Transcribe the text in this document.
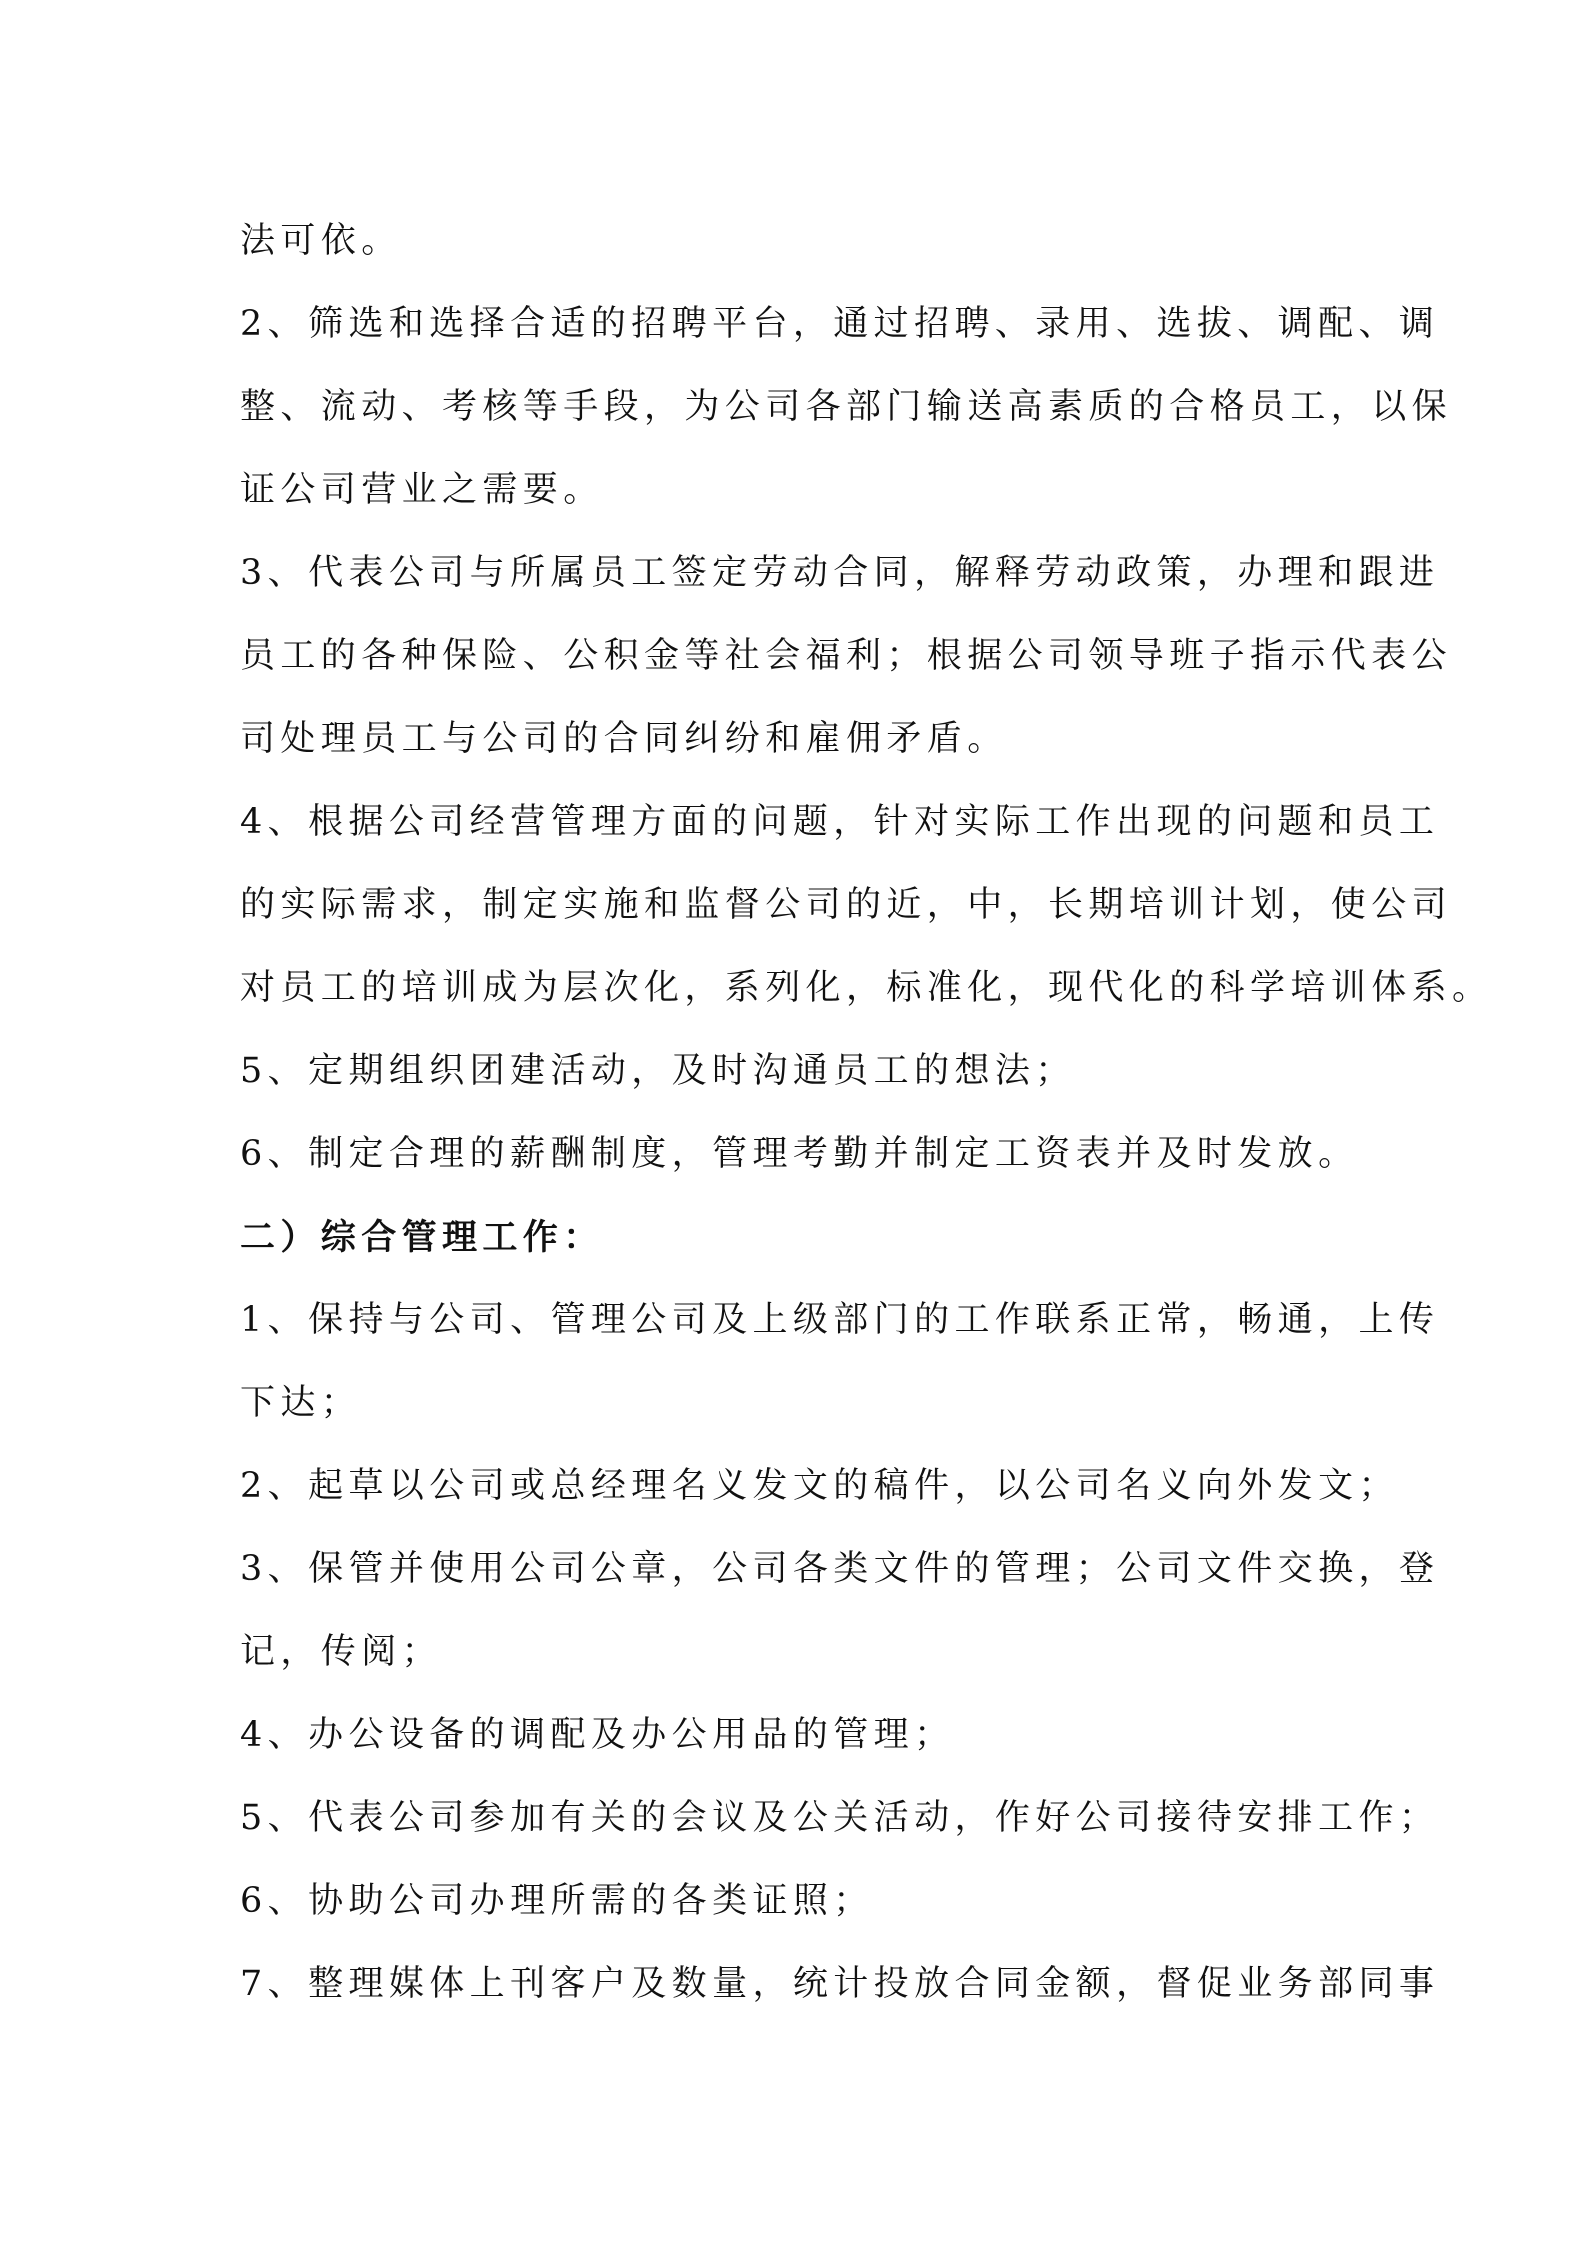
法可依。
2、筛选和选择合适的招聘平台，通过招聘、录用、选拔、调配、调
整、流动、考核等手段，为公司各部门输送高素质的合格员工，以保
证公司营业之需要。
3、代表公司与所属员工签定劳动合同，解释劳动政策，办理和跟进
员工的各种保险、公积金等社会福利；根据公司领导班子指示代表公
司处理员工与公司的合同纠纷和雇佣矛盾。
4、根据公司经营管理方面的问题，针对实际工作出现的问题和员工
的实际需求，制定实施和监督公司的近，中，长期培训计划，使公司
对员工的培训成为层次化，系列化，标准化，现代化的科学培训体系。
5、定期组织团建活动，及时沟通员工的想法；
6、制定合理的薪酬制度，管理考勤并制定工资表并及时发放。
二）综合管理工作：
1、保持与公司、管理公司及上级部门的工作联系正常，畅通，上传
下达；
2、起草以公司或总经理名义发文的稿件，以公司名义向外发文；
3、保管并使用公司公章，公司各类文件的管理；公司文件交换，登
记，传阅；
4、办公设备的调配及办公用品的管理；
5、代表公司参加有关的会议及公关活动，作好公司接待安排工作；
6、协助公司办理所需的各类证照；
7、整理媒体上刊客户及数量，统计投放合同金额，督促业务部同事
